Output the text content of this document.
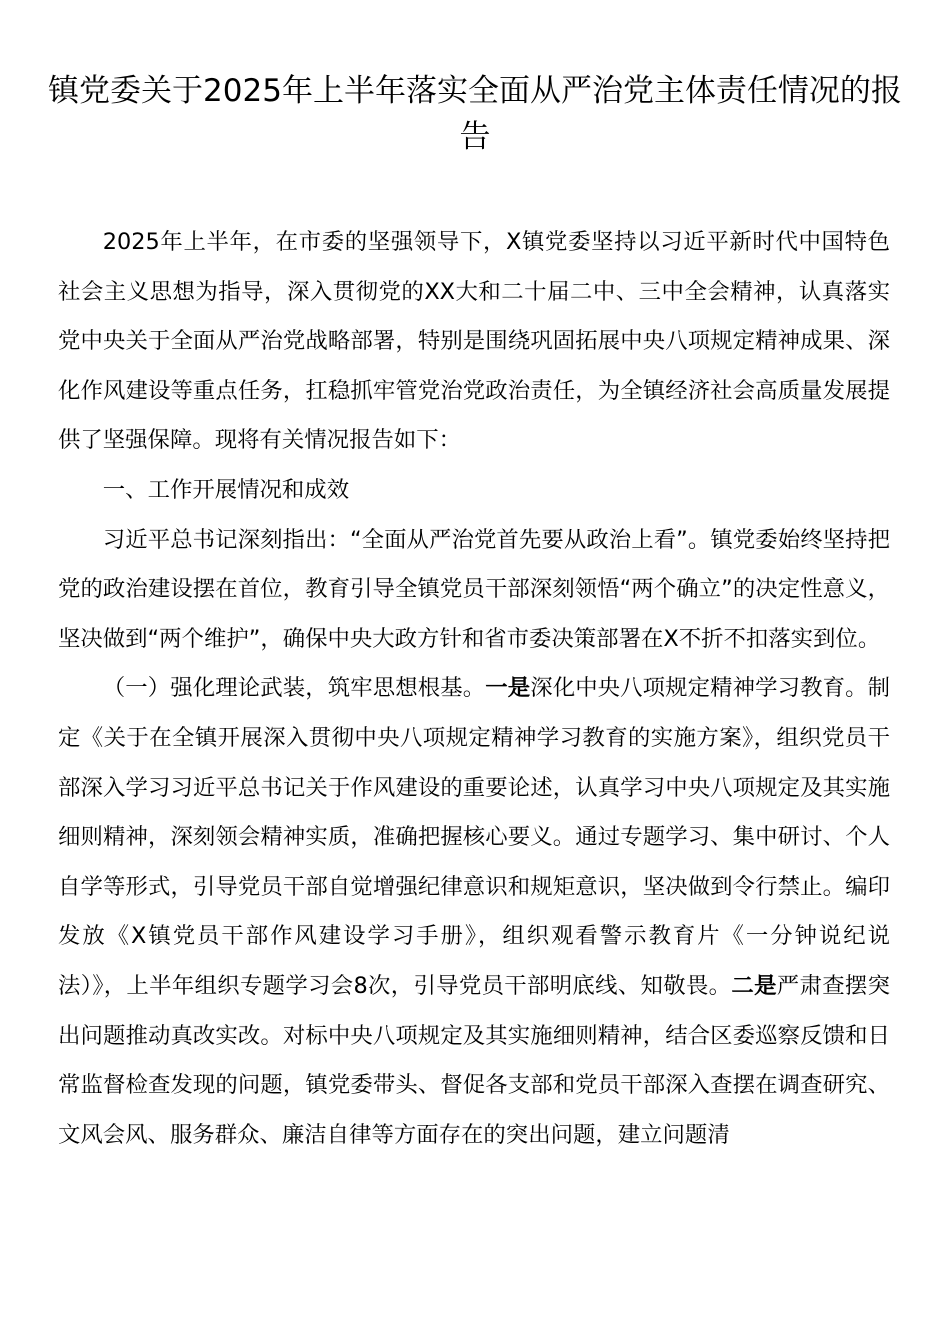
镇党委关于2025年上半年落实全面从严治党主体责任情况的报告

2025年上半年，在市委的坚强领导下，X镇党委坚持以习近平新时代中国特色社会主义思想为指导，深入贯彻党的XX大和二十届二中、三中全会精神，认真落实党中央关于全面从严治党战略部署，特别是围绕巩固拓展中央八项规定精神成果、深化作风建设等重点任务，扛稳抓牢管党治党政治责任，为全镇经济社会高质量发展提供了坚强保障。现将有关情况报告如下：

一、工作开展情况和成效

习近平总书记深刻指出：“全面从严治党首先要从政治上看”。镇党委始终坚持把党的政治建设摆在首位，教育引导全镇党员干部深刻领悟“两个确立”的决定性意义，坚决做到“两个维护”，确保中央大政方针和省市委决策部署在X不折不扣落实到位。

（一）强化理论武装，筑牢思想根基。一是深化中央八项规定精神学习教育。制定《关于在全镇开展深入贯彻中央八项规定精神学习教育的实施方案》，组织党员干部深入学习习近平总书记关于作风建设的重要论述，认真学习中央八项规定及其实施细则精神，深刻领会精神实质，准确把握核心要义。通过专题学习、集中研讨、个人自学等形式，引导党员干部自觉增强纪律意识和规矩意识，坚决做到令行禁止。编印发放《X镇党员干部作风建设学习手册》，组织观看警示教育片《一分钟说纪说法）》，上半年组织专题学习会8次，引导党员干部明底线、知敬畏。二是严肃查摆突出问题推动真改实改。对标中央八项规定及其实施细则精神，结合区委巡察反馈和日常监督检查发现的问题，镇党委带头、督促各支部和党员干部深入查摆在调查研究、文风会风、服务群众、廉洁自律等方面存在的突出问题，建立问题清
